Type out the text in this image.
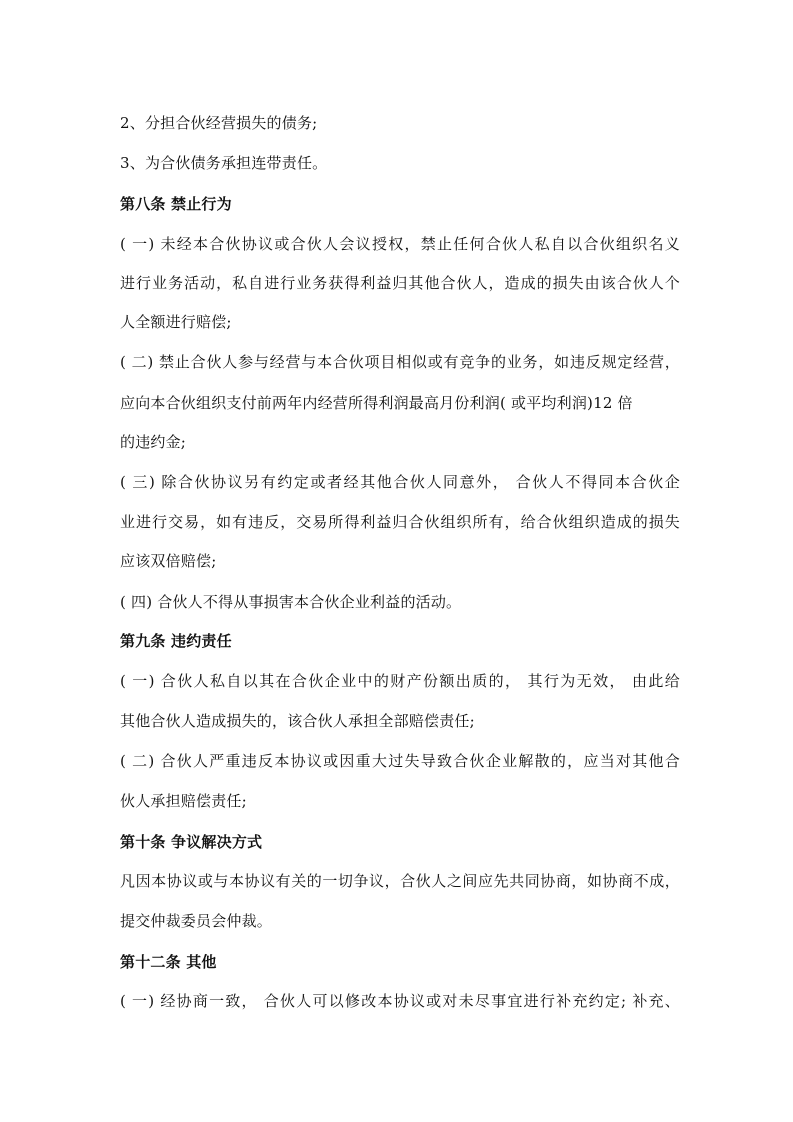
2、分担合伙经营损失的债务;
3、为合伙债务承担连带责任。
第八条 禁止行为
( 一) 未经本合伙协议或合伙人会议授权，禁止任何合伙人私自以合伙组织名义
进行业务活动，私自进行业务获得利益归其他合伙人，造成的损失由该合伙人个
人全额进行赔偿;
( 二) 禁止合伙人参与经营与本合伙项目相似或有竞争的业务，如违反规定经营，
应向本合伙组织支付前两年内经营所得利润最高月份利润( 或平均利润)12 倍
的违约金;
( 三) 除合伙协议另有约定或者经其他合伙人同意外， 合伙人不得同本合伙企
业进行交易，如有违反，交易所得利益归合伙组织所有，给合伙组织造成的损失
应该双倍赔偿;
( 四) 合伙人不得从事损害本合伙企业利益的活动。
第九条 违约责任
( 一) 合伙人私自以其在合伙企业中的财产份额出质的， 其行为无效， 由此给
其他合伙人造成损失的，该合伙人承担全部赔偿责任;
( 二) 合伙人严重违反本协议或因重大过失导致合伙企业解散的，应当对其他合
伙人承担赔偿责任;
第十条 争议解决方式
凡因本协议或与本协议有关的一切争议，合伙人之间应先共同协商，如协商不成，
提交仲裁委员会仲裁。
第十二条 其他
( 一) 经协商一致， 合伙人可以修改本协议或对未尽事宜进行补充约定; 补充、
